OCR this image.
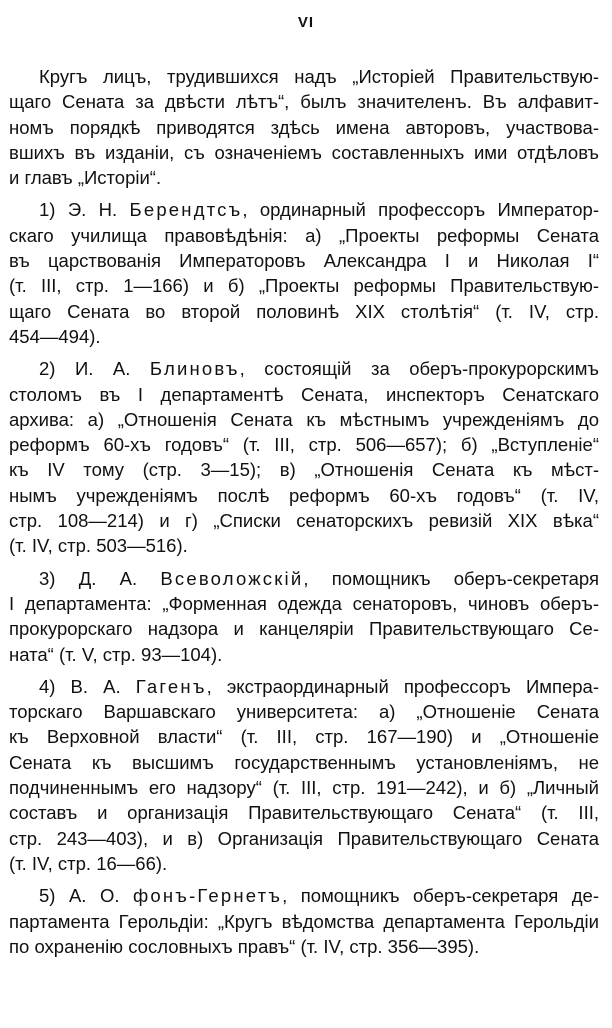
VI
Кругъ лицъ, трудившихся надъ „Исторіей Правительствую-
щаго Сената за двѣсти лѣтъ“, былъ значителенъ. Въ алфавит-
номъ порядкѣ приводятся здѣсь имена авторовъ, участвова-
вшихъ въ изданіи, съ означеніемъ составленныхъ ими отдѣловъ
и главъ „Исторіи“.
1) Э. Н. Берендтсъ, ординарный профессоръ Император-
скаго училища правовѣдѣнія: а) „Проекты реформы Сената
въ царствованія Императоровъ Александра I и Николая I“
(т. III, стр. 1—166) и б) „Проекты реформы Правительствую-
щаго Сената во второй половинѣ XIX столѣтія“ (т. IV, стр.
454—494).
2) И. А. Блиновъ, состоящій за оберъ-прокурорскимъ
столомъ въ I департаментѣ Сената, инспекторъ Сенатскаго
архива: а) „Отношенія Сената къ мѣстнымъ учрежденіямъ до
реформъ 60-хъ годовъ“ (т. III, стр. 506—657); б) „Вступленіе“
къ IV тому (стр. 3—15); в) „Отношенія Сената къ мѣст-
нымъ учрежденіямъ послѣ реформъ 60-хъ годовъ“ (т. IV,
стр. 108—214) и г) „Списки сенаторскихъ ревизій XIX вѣка“
(т. IV, стр. 503—516).
3) Д. А. Всеволожскій, помощникъ оберъ-секретаря
I департамента: „Форменная одежда сенаторовъ, чиновъ оберъ-
прокурорскаго надзора и канцеляріи Правительствующаго Се-
ната“ (т. V, стр. 93—104).
4) В. А. Гагенъ, экстраординарный профессоръ Импера-
торскаго Варшавскаго университета: а) „Отношеніе Сената
къ Верховной власти“ (т. III, стр. 167—190) и „Отношеніе
Сената къ высшимъ государственнымъ установленіямъ, не
подчиненнымъ его надзору“ (т. III, стр. 191—242), и б) „Личный
составъ и организація Правительствующаго Сената“ (т. III,
стр. 243—403), и в) Организація Правительствующаго Сената
(т. IV, стр. 16—66).
5) А. О. фонъ-Гернетъ, помощникъ оберъ-секретаря де-
партамента Герольдіи: „Кругъ вѣдомства департамента Герольдіи
по охраненію сословныхъ правъ“ (т. IV, стр. 356—395).
